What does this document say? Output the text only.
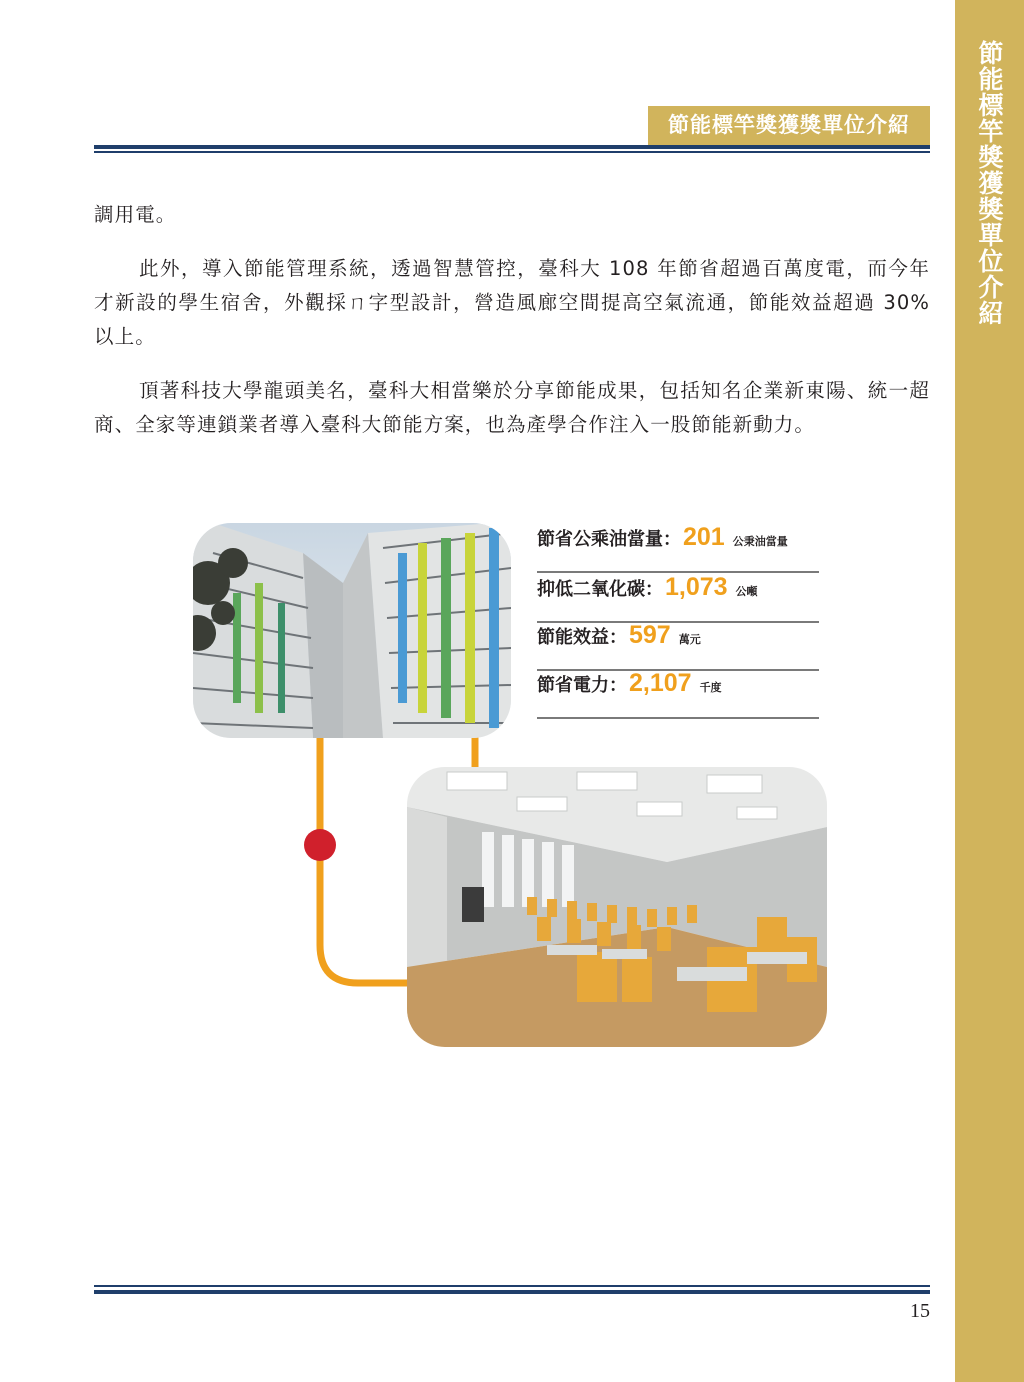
節能標竿獎獲獎單位介紹
節能標竿獎獲獎單位介紹

調用電。

此外，導入節能管理系統，透過智慧管控，臺科大 108 年節省超過百萬度電，而今年才新設的學生宿舍，外觀採ㄇ字型設計，營造風廊空間提高空氣流通，節能效益超過 30%以上。

頂著科技大學龍頭美名，臺科大相當樂於分享節能成果，包括知名企業新東陽、統一超商、全家等連鎖業者導入臺科大節能方案，也為產學合作注入一股節能新動力。

節省公乘油當量： 201 公秉油當量
抑低二氧化碳： 1,073 公噸
節能效益： 597 萬元
節省電力： 2,107 千度
15
